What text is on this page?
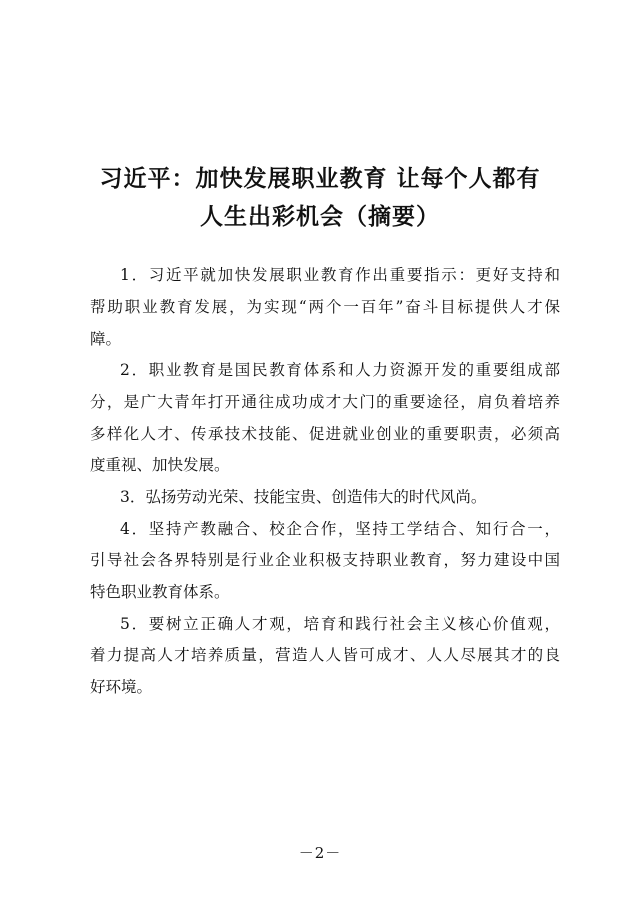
习近平：加快发展职业教育 让每个人都有
人生出彩机会（摘要）
1．习近平就加快发展职业教育作出重要指示：更好支持和
帮助职业教育发展，为实现“两个一百年”奋斗目标提供人才保
障。
2．职业教育是国民教育体系和人力资源开发的重要组成部
分，是广大青年打开通往成功成才大门的重要途径，肩负着培养
多样化人才、传承技术技能、促进就业创业的重要职责，必须高
度重视、加快发展。
3．弘扬劳动光荣、技能宝贵、创造伟大的时代风尚。
4．坚持产教融合、校企合作，坚持工学结合、知行合一，
引导社会各界特别是行业企业积极支持职业教育，努力建设中国
特色职业教育体系。
5．要树立正确人才观，培育和践行社会主义核心价值观，
着力提高人才培养质量，营造人人皆可成才、人人尽展其才的良
好环境。
－2－
